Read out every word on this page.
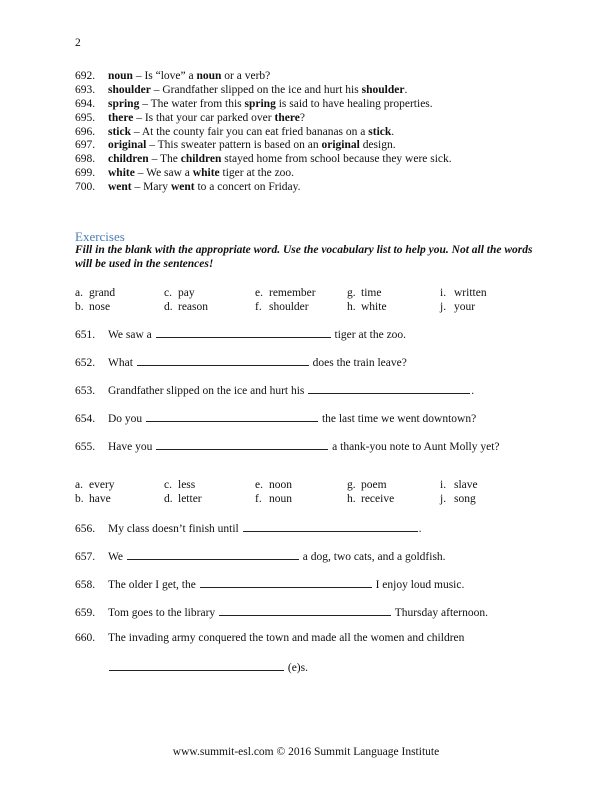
2
692. noun – Is “love” a noun or a verb?
693. shoulder – Grandfather slipped on the ice and hurt his shoulder.
694. spring – The water from this spring is said to have healing properties.
695. there – Is that your car parked over there?
696. stick – At the county fair you can eat fried bananas on a stick.
697. original – This sweater pattern is based on an original design.
698. children – The children stayed home from school because they were sick.
699. white – We saw a white tiger at the zoo.
700. went – Mary went to a concert on Friday.
Exercises
Fill in the blank with the appropriate word. Use the vocabulary list to help you. Not all the words will be used in the sentences!
a. grand	c. pay	e. remember	g. time	i. written
b. nose	d. reason	f. shoulder	h. white	j. your
651. We saw a	tiger at the zoo.
652. What	does the train leave?
653. Grandfather slipped on the ice and hurt his	.
654. Do you	the last time we went downtown?
655. Have you	a thank-you note to Aunt Molly yet?
a. every	c. less	e. noon	g. poem	i. slave
b. have	d. letter	f. noun	h. receive	j. song
656. My class doesn’t finish until	.
657. We	a dog, two cats, and a goldfish.
658. The older I get, the	I enjoy loud music.
659. Tom goes to the library	Thursday afternoon.
660. The invading army conquered the town and made all the women and children
(e)s.
www.summit-esl.com © 2016 Summit Language Institute
